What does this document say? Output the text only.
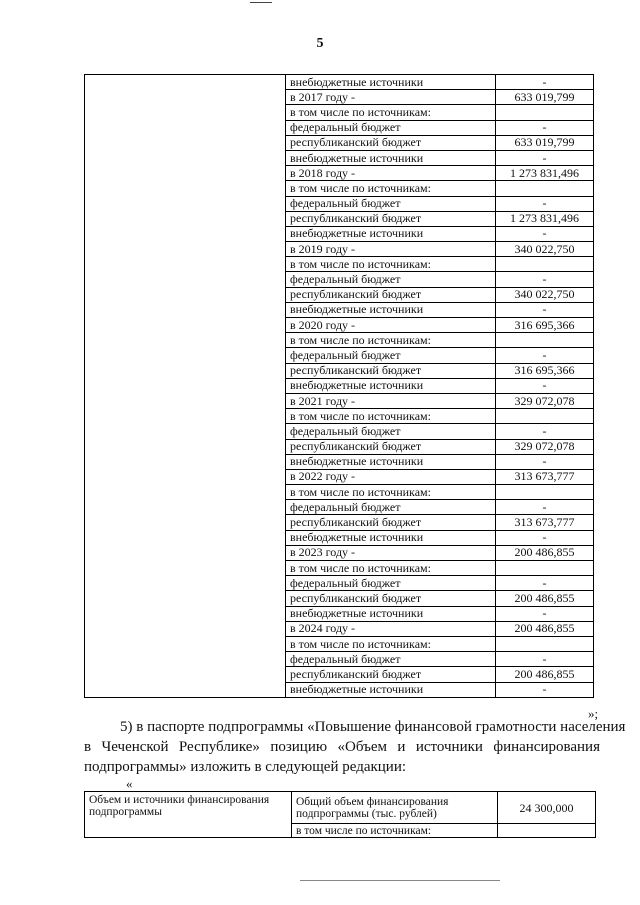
5
	внебюджетные источники	-
	в 2017 году -	633 019,799
	в том числе по источникам:	
	федеральный бюджет	-
	республиканский бюджет	633 019,799
	внебюджетные источники	-
	в 2018 году -	1 273 831,496
	в том числе по источникам:	
	федеральный бюджет	-
	республиканский бюджет	1 273 831,496
	внебюджетные источники	-
	в 2019 году -	340 022,750
	в том числе по источникам:	
	федеральный бюджет	-
	республиканский бюджет	340 022,750
	внебюджетные источники	-
	в 2020 году -	316 695,366
	в том числе по источникам:	
	федеральный бюджет	-
	республиканский бюджет	316 695,366
	внебюджетные источники	-
	в 2021 году -	329 072,078
	в том числе по источникам:	
	федеральный бюджет	-
	республиканский бюджет	329 072,078
	внебюджетные источники	-
	в 2022 году -	313 673,777
	в том числе по источникам:	
	федеральный бюджет	-
	республиканский бюджет	313 673,777
	внебюджетные источники	-
	в 2023 году -	200 486,855
	в том числе по источникам:	
	федеральный бюджет	-
	республиканский бюджет	200 486,855
	внебюджетные источники	-
	в 2024 году -	200 486,855
	в том числе по источникам:	
	федеральный бюджет	-
	республиканский бюджет	200 486,855
	внебюджетные источники	-
»;
5) в паспорте подпрограммы «Повышение финансовой грамотности населения
в Чеченской Республике» позицию «Объем и источники финансирования
подпрограммы» изложить в следующей редакции:
«
Объем и источники финансирования подпрограммы	Общий объем финансирования подпрограммы (тыс. рублей)	24 300,000
	в том числе по источникам:	
